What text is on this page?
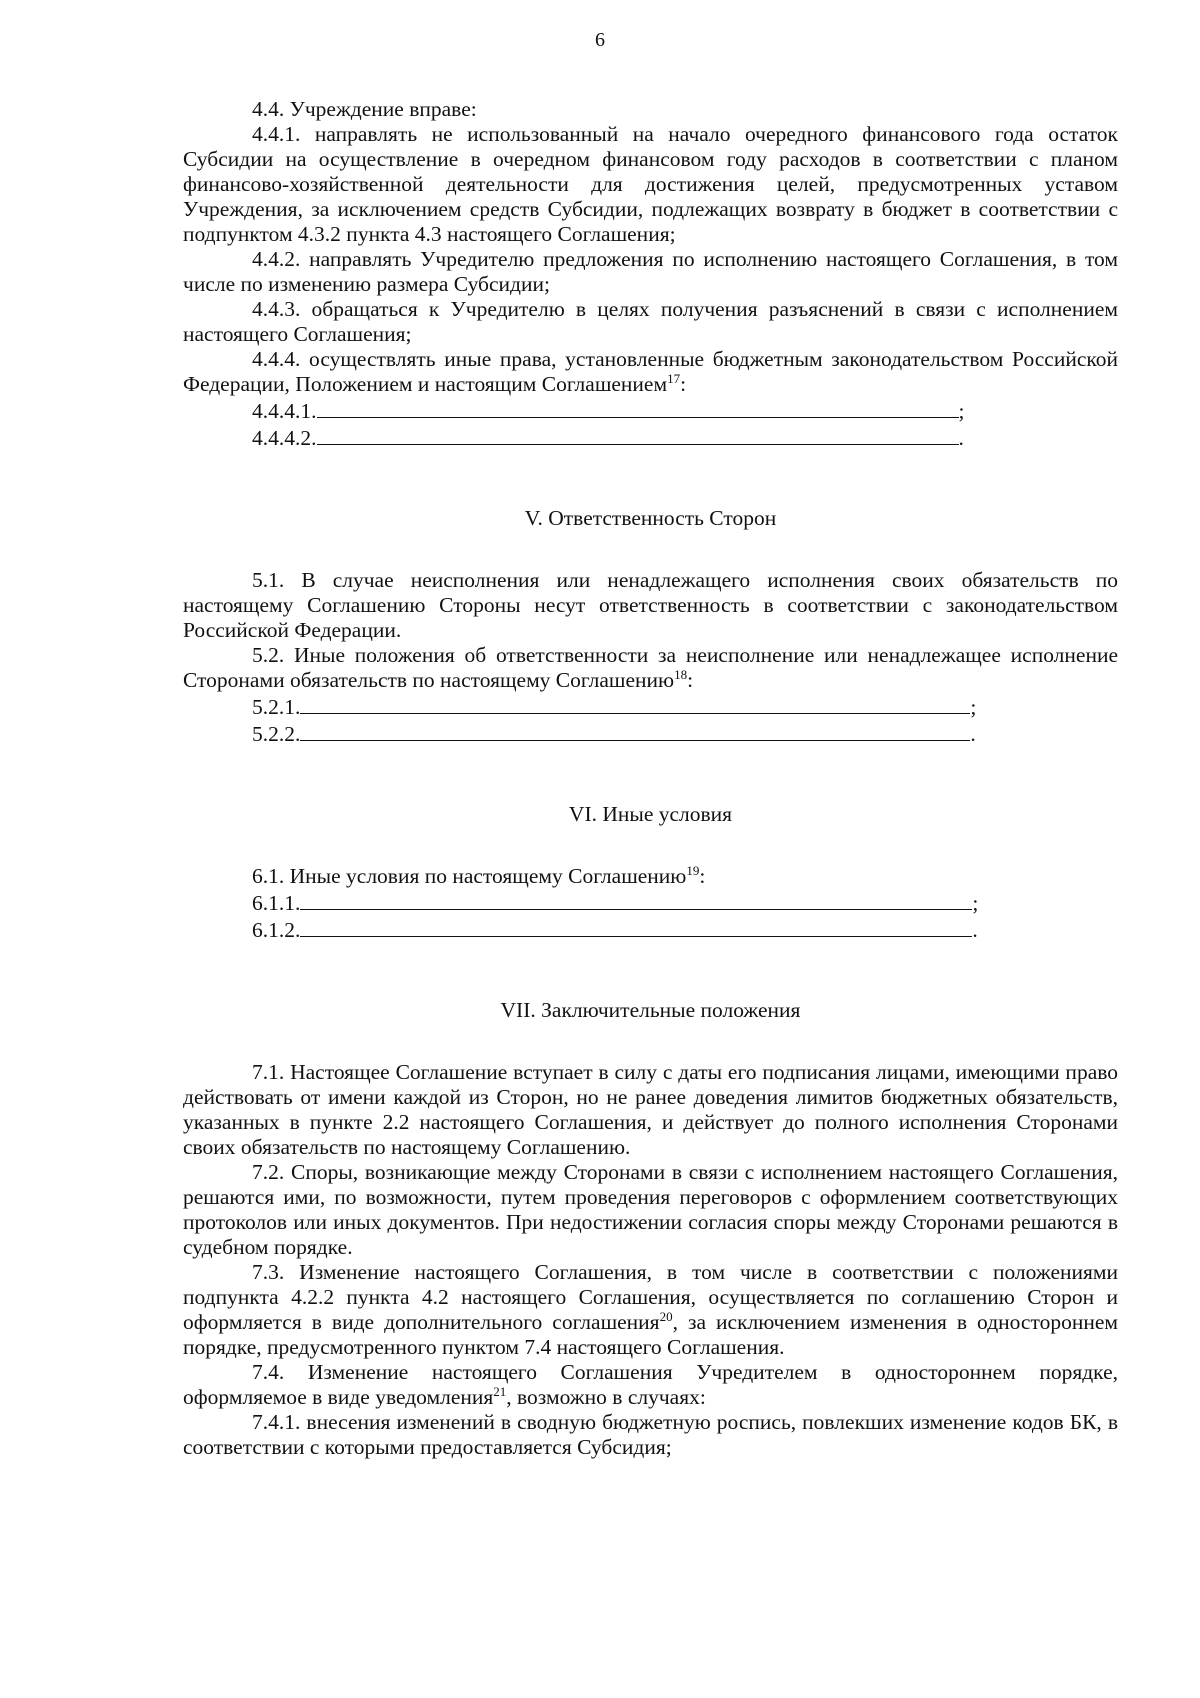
6

4.4. Учреждение вправе:

4.4.1. направлять не использованный на начало очередного финансового года остаток Субсидии на осуществление в очередном финансовом году расходов в соответствии с планом финансово-хозяйственной деятельности для достижения целей, предусмотренных уставом Учреждения, за исключением средств Субсидии, подлежащих возврату в бюджет в соответствии с подпунктом 4.3.2 пункта 4.3 настоящего Соглашения;

4.4.2. направлять Учредителю предложения по исполнению настоящего Соглашения, в том числе по изменению размера Субсидии;

4.4.3. обращаться к Учредителю в целях получения разъяснений в связи с исполнением настоящего Соглашения;

4.4.4. осуществлять иные права, установленные бюджетным законодательством Российской Федерации, Положением и настоящим Соглашением$^{17}$:

4.4.4.1.	;
4.4.4.2.	.

V. Ответственность Сторон

5.1. В случае неисполнения или ненадлежащего исполнения своих обязательств по настоящему Соглашению Стороны несут ответственность в соответствии с законодательством Российской Федерации.

5.2. Иные положения об ответственности за неисполнение или ненадлежащее исполнение Сторонами обязательств по настоящему Соглашению$^{18}$:

5.2.1.	;
5.2.2.	.

VI. Иные условия

6.1. Иные условия по настоящему Соглашению$^{19}$:

6.1.1.	;
6.1.2.	.

VII. Заключительные положения

7.1. Настоящее Соглашение вступает в силу с даты его подписания лицами, имеющими право действовать от имени каждой из Сторон, но не ранее доведения лимитов бюджетных обязательств, указанных в пункте 2.2 настоящего Соглашения, и действует до полного исполнения Сторонами своих обязательств по настоящему Соглашению.

7.2. Споры, возникающие между Сторонами в связи с исполнением настоящего Соглашения, решаются ими, по возможности, путем проведения переговоров с оформлением соответствующих протоколов или иных документов. При недостижении согласия споры между Сторонами решаются в судебном порядке.

7.3. Изменение настоящего Соглашения, в том числе в соответствии с положениями подпункта 4.2.2 пункта 4.2 настоящего Соглашения, осуществляется по соглашению Сторон и оформляется в виде дополнительного соглашения$^{20}$, за исключением изменения в одностороннем порядке, предусмотренного пунктом 7.4 настоящего Соглашения.

7.4. Изменение настоящего Соглашения Учредителем в одностороннем порядке, оформляемое в виде уведомления$^{21}$, возможно в случаях:

7.4.1. внесения изменений в сводную бюджетную роспись, повлекших изменение кодов БК, в соответствии с которыми предоставляется Субсидия;
